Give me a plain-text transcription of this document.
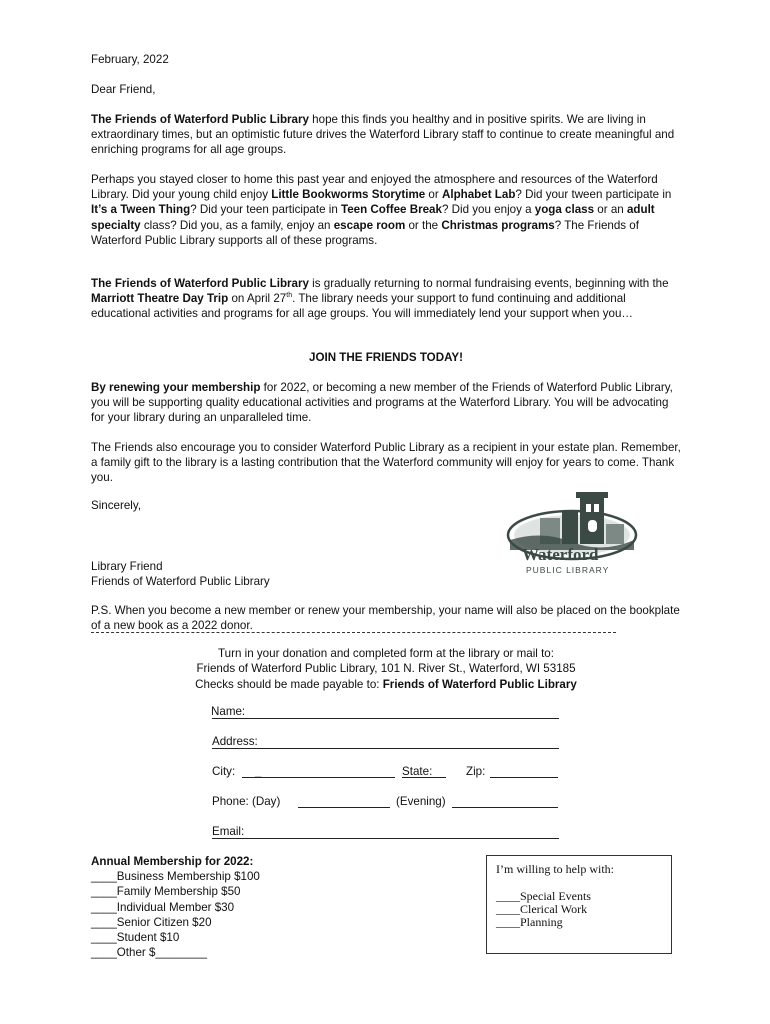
February, 2022
Dear Friend,
The Friends of Waterford Public Library hope this finds you healthy and in positive spirits. We are living in extraordinary times, but an optimistic future drives the Waterford Library staff to continue to create meaningful and enriching programs for all age groups.
Perhaps you stayed closer to home this past year and enjoyed the atmosphere and resources of the Waterford Library. Did your young child enjoy Little Bookworms Storytime or Alphabet Lab? Did your tween participate in It’s a Tween Thing? Did your teen participate in Teen Coffee Break? Did you enjoy a yoga class or an adult specialty class? Did you, as a family, enjoy an escape room or the Christmas programs? The Friends of Waterford Public Library supports all of these programs.
The Friends of Waterford Public Library is gradually returning to normal fundraising events, beginning with the Marriott Theatre Day Trip on April 27th. The library needs your support to fund continuing and additional educational activities and programs for all age groups. You will immediately lend your support when you…
JOIN THE FRIENDS TODAY!
By renewing your membership for 2022, or becoming a new member of the Friends of Waterford Public Library, you will be supporting quality educational activities and programs at the Waterford Library. You will be advocating for your library during an unparalleled time.
The Friends also encourage you to consider Waterford Public Library as a recipient in your estate plan. Remember, a family gift to the library is a lasting contribution that the Waterford community will enjoy for years to come. Thank you.
Sincerely,
Library Friend
Friends of Waterford Public Library
Waterford
PUBLIC LIBRARY
P.S. When you become a new member or renew your membership, your name will also be placed on the bookplate of a new book as a 2022 donor.
Turn in your donation and completed form at the library or mail to:
Friends of Waterford Public Library, 101 N. River St., Waterford, WI 53185
Checks should be made payable to: Friends of Waterford Public Library
Name:
Address:
City: _	State:	Zip:
Phone: (Day)	(Evening)
Email:
Annual Membership for 2022:
____Business Membership $100
____Family Membership $50
____Individual Member $30
____Senior Citizen $20
____Student $10
____Other $________
I’m willing to help with:
____Special Events
____Clerical Work
____Planning
